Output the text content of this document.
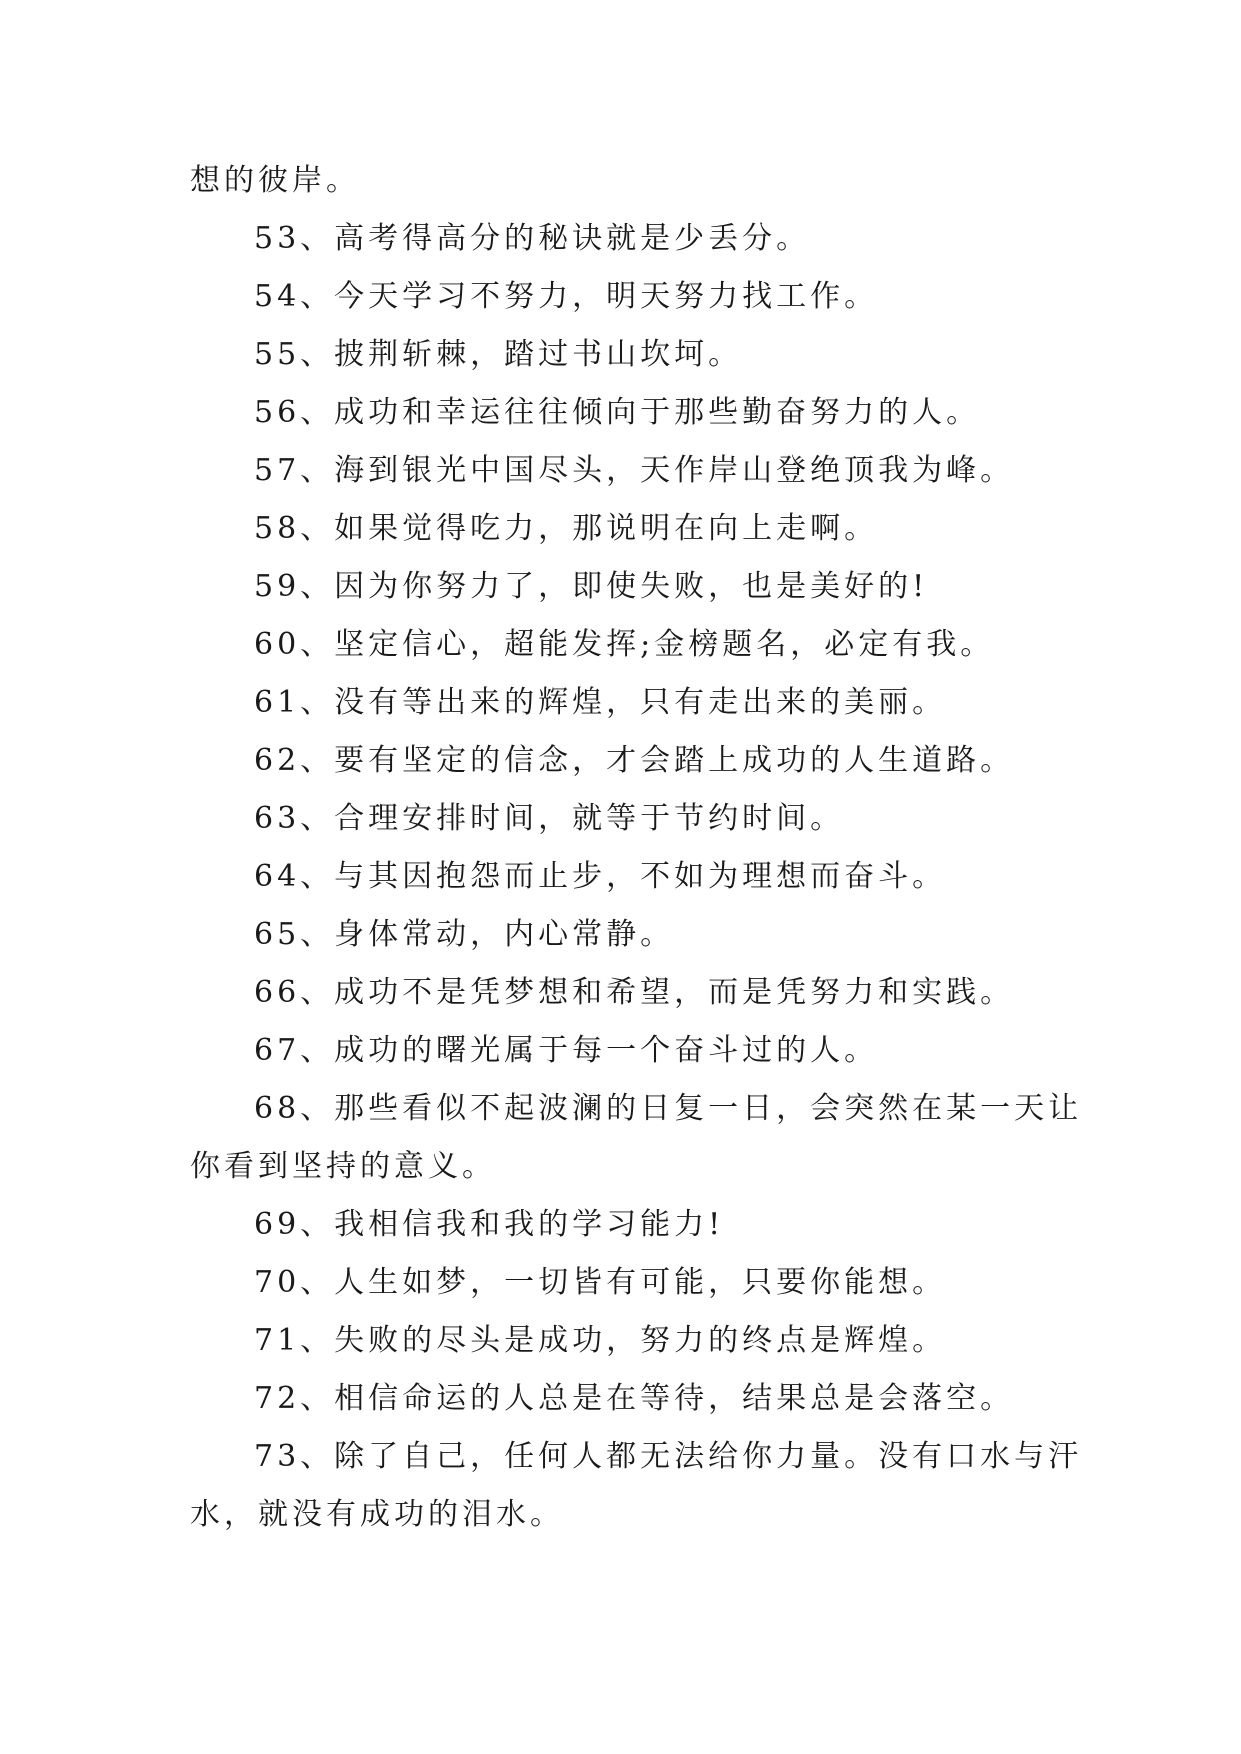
想的彼岸。
53、高考得高分的秘诀就是少丢分。
54、今天学习不努力，明天努力找工作。
55、披荆斩棘，踏过书山坎坷。
56、成功和幸运往往倾向于那些勤奋努力的人。
57、海到银光中国尽头，天作岸山登绝顶我为峰。
58、如果觉得吃力，那说明在向上走啊。
59、因为你努力了，即使失败，也是美好的!
60、坚定信心，超能发挥;金榜题名，必定有我。
61、没有等出来的辉煌，只有走出来的美丽。
62、要有坚定的信念，才会踏上成功的人生道路。
63、合理安排时间，就等于节约时间。
64、与其因抱怨而止步，不如为理想而奋斗。
65、身体常动，内心常静。
66、成功不是凭梦想和希望，而是凭努力和实践。
67、成功的曙光属于每一个奋斗过的人。
68、那些看似不起波澜的日复一日，会突然在某一天让
你看到坚持的意义。
69、我相信我和我的学习能力!
70、人生如梦，一切皆有可能，只要你能想。
71、失败的尽头是成功，努力的终点是辉煌。
72、相信命运的人总是在等待，结果总是会落空。
73、除了自己，任何人都无法给你力量。没有口水与汗
水，就没有成功的泪水。
